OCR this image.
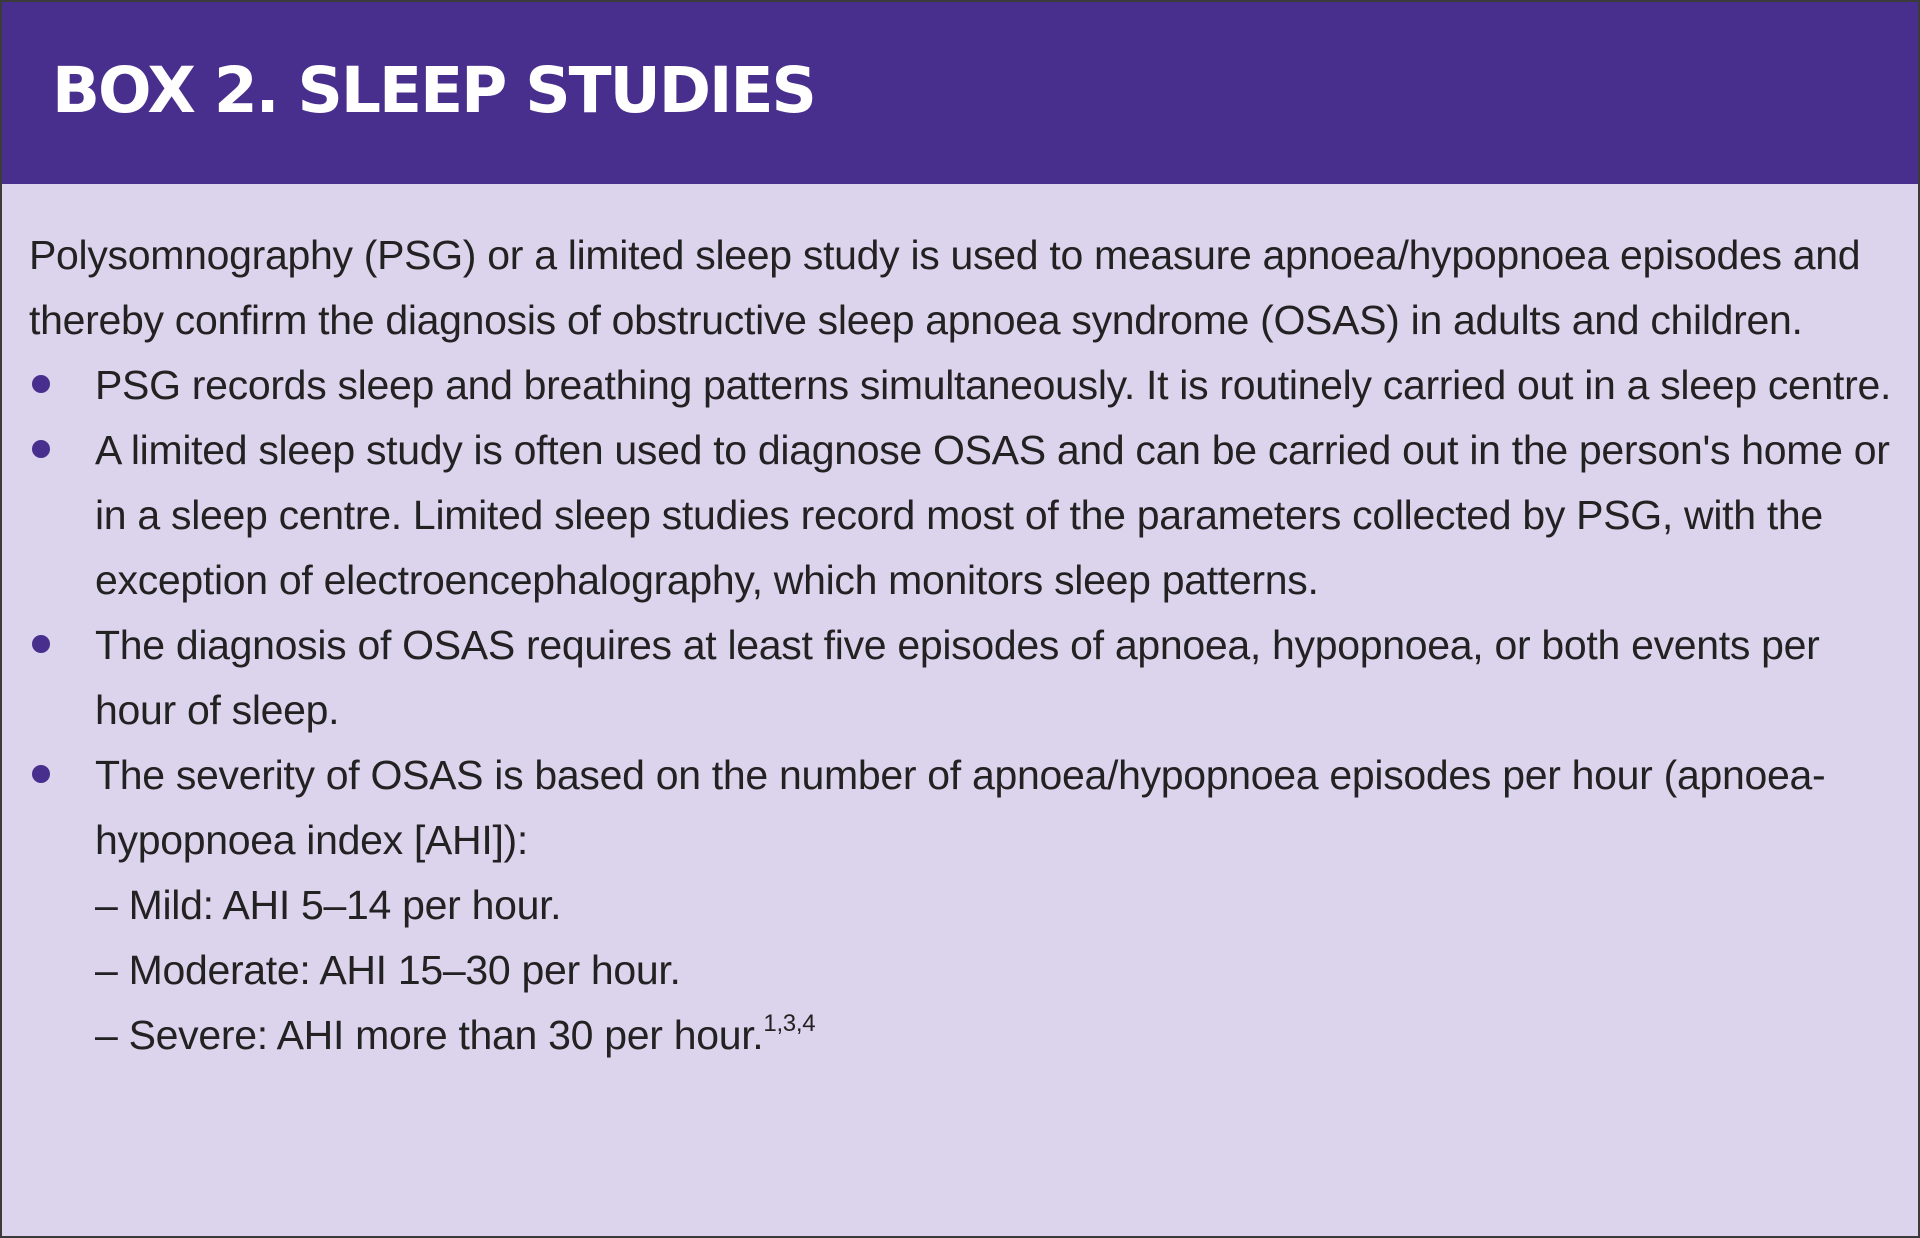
BOX 2. SLEEP STUDIES

Polysomnography (PSG) or a limited sleep study is used to measure apnoea/hypopnoea episodes and thereby confirm the diagnosis of obstructive sleep apnoea syndrome (OSAS) in adults and children.

PSG records sleep and breathing patterns simultaneously. It is routinely carried out in a sleep centre.
A limited sleep study is often used to diagnose OSAS and can be carried out in the person's home or in a sleep centre. Limited sleep studies record most of the parameters collected by PSG, with the exception of electroencephalography, which monitors sleep patterns.
The diagnosis of OSAS requires at least five episodes of apnoea, hypopnoea, or both events per hour of sleep.
The severity of OSAS is based on the number of apnoea/hypopnoea episodes per hour (apnoea-hypopnoea index [AHI]):
– Mild: AHI 5–14 per hour.
– Moderate: AHI 15–30 per hour.
– Severe: AHI more than 30 per hour.$^{1,3,4}$
